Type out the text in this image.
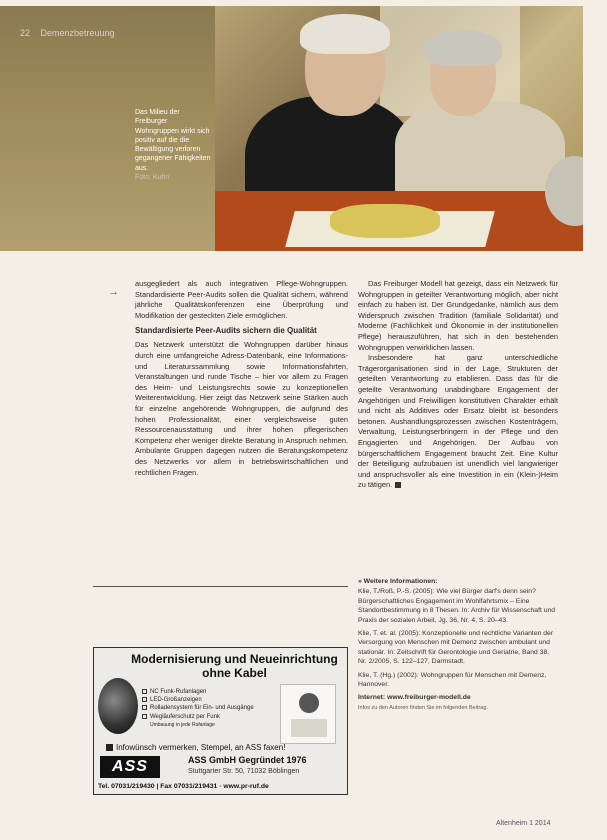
22 Demenzbetreuung
Das Milieu der Freiburger Wohngruppen wirkt sich positiv auf die die Bewältigung verloren gegangener Fähigkeiten aus.
Foto: Kuhn
→

ausgegliedert als auch integrativen Pflege-Wohngruppen. Standardisierte Peer-Audits sollen die Qualität sichern, während jährliche Qualitätskonferenzen eine Überprüfung und Modifikation der gesteckten Ziele ermöglichen.

Standardisierte Peer-Audits sichern die Qualität

Das Netzwerk unterstützt die Wohngruppen darüber hinaus durch eine umfangreiche Adress-Datenbank, eine Informations- und Literaturssammlung sowie Informationsfahrten, Veranstaltungen und runde Tische – hier vor allem zu Fragen des Heim- und Leistungsrechts sowie zu konzeptionellen Weiterentwicklung. Hier zeigt das Netzwerk seine Stärken auch für einzelne angehörende Wohngruppen, die aufgrund des hohen Professionalität, einer vergleichsweise guten Ressourcenausstattung und ihrer hohen pflegerischen Kompetenz eher weniger direkte Beratung in Anspruch nehmen. Ambulante Gruppen dagegen nutzen die Beratungskompetenz des Netzwerks vor allem in betriebswirtschaftlichen und rechtlichen Fragen.

Das Freiburger Modell hat gezeigt, dass ein Netzwerk für Wohngruppen in geteilter Verantwortung möglich, aber nicht einfach zu haben ist. Der Grundgedanke, nämlich aus dem Widerspruch zwischen Tradition (familiale Solidarität) und Moderne (Fachlichkeit und Ökonomie in der institutionellen Pflege) herauszuführen, hat sich in den bestehenden Wohngruppen verwirklichen lassen.

Insbesondere hat ganz unterschiedliche Trägerorganisationen sind in der Lage, Strukturen der geteilten Verantwortung zu etablieren. Dass das für die geteilte Verantwortung unabdingbare Engagement der Angehörigen und Freiwilligen konstitutiven Charakter erhält und nicht als Additives oder Ersatz bleibt ist besonders betonen. Aushandlungsprozessen zwischen Kostenträgern, Verwaltung, Leistungserbringern in der Pflege und den Engagierten und Angehörigen. Der Aufbau von bürgerschaftlichem Engagement braucht Zeit. Eine Kultur der Beteiligung aufzubauen ist unendlich viel langwieriger und anspruchsvoller als eine Investition in ein (Klein-)Heim zu tätigen.

Modernisierung und Neueinrichtung ohne Kabel
NC Funk-Rufanlagen
LED-Großanzeigen
Rolladensystem für Ein- und Ausgänge
Wegläuferschutz per Funk
Umbauung in jede Rufanlage
Infowünsch vermerken, Stempel, an ASS faxen!
ASS	ASS GmbH Gegründet 1976
Stuttgarter Str. 50, 71032 Böblingen
Tel. 07031/219430 | Fax 07031/219431 · www.pr-ruf.de
» Weitere Informationen:

Klie, T./Roß, P.-S. (2005): Wie viel Bürger darf's denn sein? Bürgerschaftliches Engagement im Wohlfahrtsmix – Eine Standortbestimmung in 8 Thesen. In: Archiv für Wissenschaft und Praxis der sozialen Arbeit, Jg. 36, Nr. 4, S. 20–43.

Klie, T. et. al. (2005): Konzeptionelle und rechtliche Varianten der Versorgung von Menschen mit Demenz zwischen ambulant und stationär. In: Zeitschrift für Gerontologie und Geriatrie, Band 38, Nr. 2/2005, S. 122–127, Darmstadt.

Klie, T. (Hg.) (2002): Wohngruppen für Menschen mit Demenz, Hannover.

Internet: www.freiburger-modell.de
Infos zu den Autoren finden Sie im folgenden Beitrag.
Altenheim 1 2014
